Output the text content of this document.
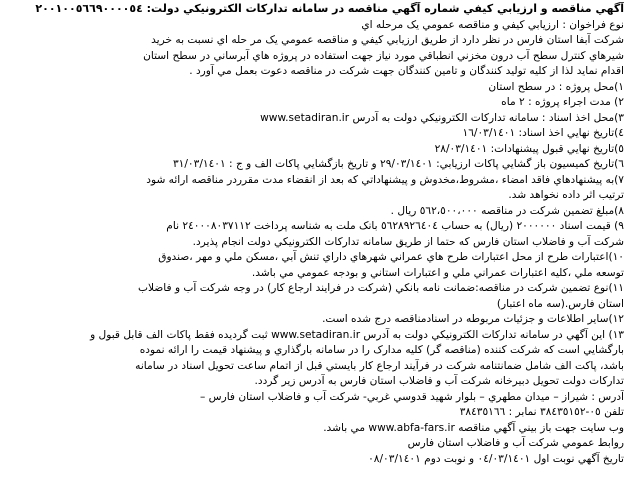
آگهي مناقصه و ارزيابي كيفي شماره آگهي مناقصه در سامانه تداركات الكترونيكي دولت: ٢٠٠١٠٠٥٦٦٩٠٠٠٠٥٤
نوع فراخوان : ارزيابي كيفي و مناقصه عمومي يک مرحله اي
شركت آبفا استان فارس در نظر دارد از طريق ارزيابي كيفي و مناقصه عمومي يک مر حله اي نسبت به خريد
شيرهاي كنترل سطح آب درون مخزني انطباقي مورد نياز جهت استفاده در پروژه هاي آبرساني در سطح استان
اقدام نمايد لذا از كليه توليد كنندگان و تامين كنندگان جهت شركت در مناقصه دعوت بعمل مي آورد .
١)محل پروژه : در سطح استان
٢) مدت اجراء پروژه : ٢ ماه
٣)محل اخذ اسناد : سامانه تداركات الكترونيكي دولت به آدرس www.setadiran.ir
٤)تاريخ نهايي اخذ اسناد: ١٦/٠٣/١٤٠١
٥)تاريخ نهايي قبول پيشنهادات: ٢٨/٠٣/١٤٠١
٦)تاريخ كميسيون باز گشايي پاكات ارزيابي: ٢٩/٠٣/١٤٠١ و تاريخ بازگشايي پاكات الف و ج : ٣١/٠٣/١٤٠١
٧)به پيشنهادهاي فاقد امضاء ،مشروط،مخدوش و پيشنهاداتي كه بعد از انقضاء مدت مقرردر مناقصه ارائه شود
ترتيب اثر داده نخواهد شد.
٨)مبلغ تضمين شركت در مناقصه ٥٦٢،٥٠٠،٠٠٠ ريال .
٩) قيمت اسناد ٢٠٠٠٠٠٠ (ريال) به حساب ٥٦٢٨٩٢٦٤٠٤ بانک ملت به شناسه پرداخت ٢٤٠٠٠٨٠٣٧١١٢ نام
شركت آب و فاضلاب استان فارس كه حتما از طريق سامانه تداركات الكترونيكي دولت انجام پذيرد.
١٠)اعتبارات طرح از محل اعتبارات طرح هاي عمراني شهرهاي داراي تنش آبي ،مسكن ملي و مهر ،صندوق
توسعه ملي ،كليه اعتبارات عمراني ملي و اعتبارات استاني و بودجه عمومي مي باشد.
١١)نوع تضمين شركت در مناقصه:ضمانت نامه بانكي (شركت در فرايند ارجاع كار) در وجه شركت آب و فاضلاب
استان فارس.(سه ماه اعتبار)
١٢)ساير اطلاعات و جزئيات مربوطه در اسنادمناقصه درج شده است.
١٣) اين آگهي در سامانه تداركات الكترونيكي دولت به آدرس www.setadiran.ir ثبت گرديده فقط پاكات الف قابل قبول و
بارگشايي است كه شركت كننده (مناقصه گر) كليه مدارک را در سامانه بارگذاري و پيشنهاد قيمت را ارائه نموده
باشد، پاكت الف شامل ضمانتنامه شركت در فرآيند ارجاع كار بايستي قبل از اتمام ساعت تحويل اسناد در سامانه
تداركات دولت تحويل دبيرخانه شركت آب و فاضلاب استان فارس به آدرس زير گردد.
آدرس : شيراز – ميدان مطهري – بلوار شهيد قدوسي غربي- شركت آب و فاضلاب استان فارس –
تلفن ٠٥-٣٨٤٣٥١٥٢ نمابر : ٣٨٤٣٥١٦٦
وب سايت جهت باز بيني آگهي مناقصه www.abfa-fars.ir مي باشد.
روابط عمومي شركت آب و فاضلاب استان فارس
تاريخ آگهي نوبت اول ٠٤/٠٣/١٤٠١ و نوبت دوم ٠٨/٠٣/١٤٠١
